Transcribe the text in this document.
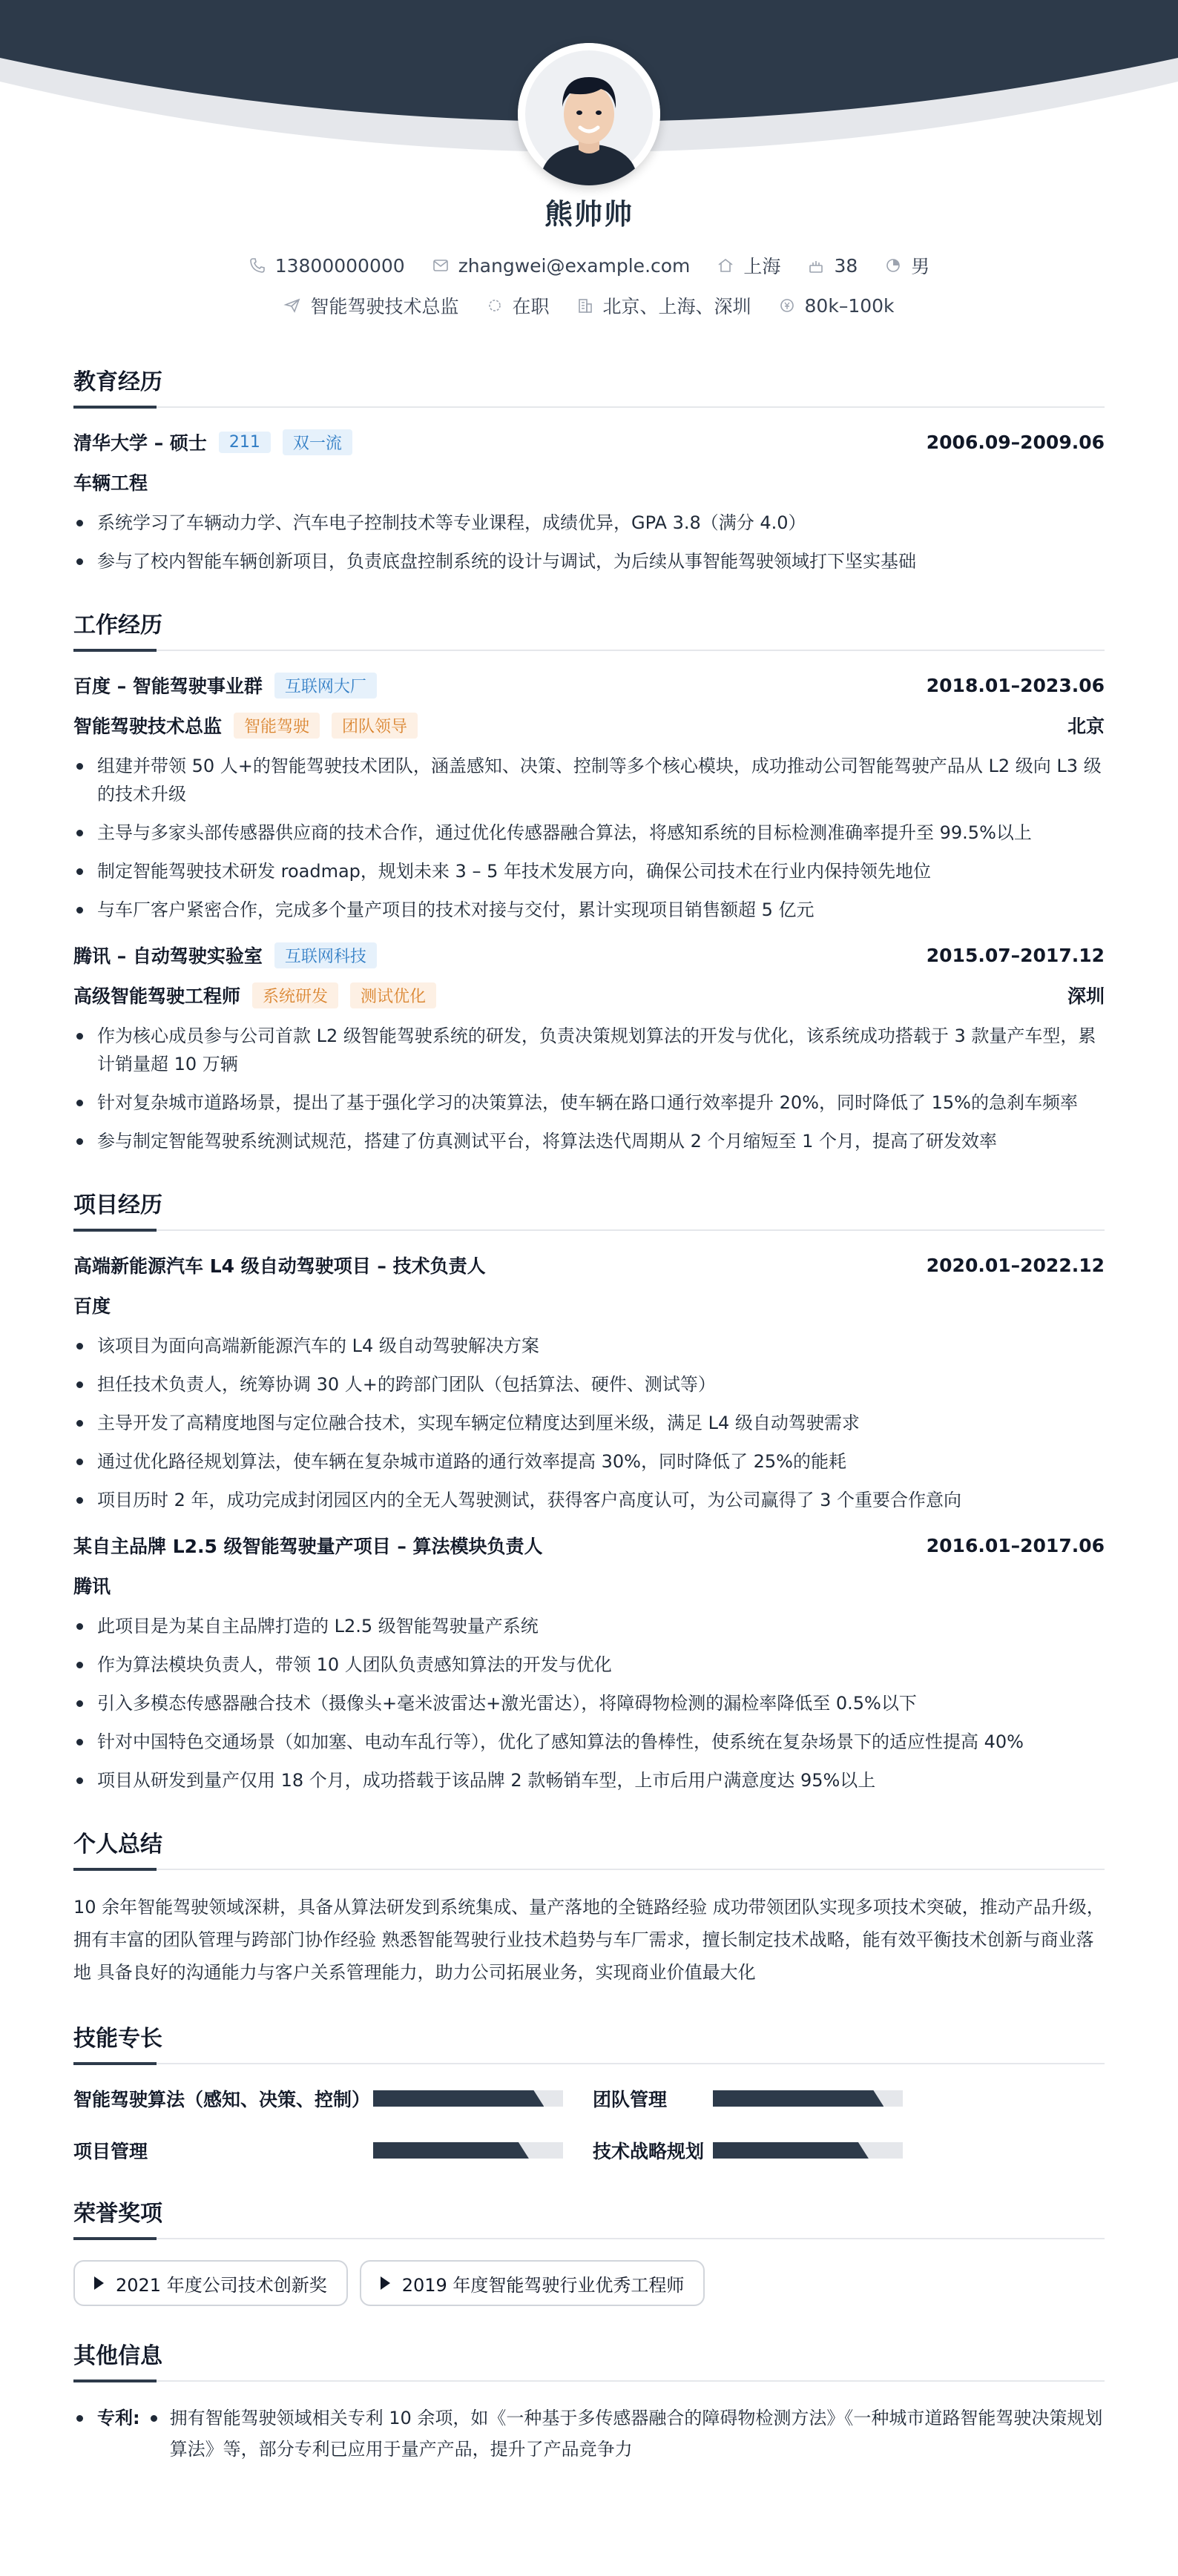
熊帅帅
13800000000	zhangwei@example.com	上海	38	男
智能驾驶技术总监	在职	北京、上海、深圳	80k–100k
教育经历
清华大学 – 硕士	211	双一流	2006.09–2009.06
车辆工程
系统学习了车辆动力学、汽车电子控制技术等专业课程，成绩优异，GPA 3.8（满分 4.0）
参与了校内智能车辆创新项目，负责底盘控制系统的设计与调试，为后续从事智能驾驶领域打下坚实基础
工作经历
百度 – 智能驾驶事业群	互联网大厂	2018.01–2023.06
智能驾驶技术总监	智能驾驶	团队领导	北京
组建并带领 50 人+的智能驾驶技术团队，涵盖感知、决策、控制等多个核心模块，成功推动公司智能驾驶产品从 L2 级向 L3 级的技术升级
主导与多家头部传感器供应商的技术合作，通过优化传感器融合算法，将感知系统的目标检测准确率提升至 99.5%以上
制定智能驾驶技术研发 roadmap，规划未来 3 – 5 年技术发展方向，确保公司技术在行业内保持领先地位
与车厂客户紧密合作，完成多个量产项目的技术对接与交付，累计实现项目销售额超 5 亿元
腾讯 – 自动驾驶实验室	互联网科技	2015.07–2017.12
高级智能驾驶工程师	系统研发	测试优化	深圳
作为核心成员参与公司首款 L2 级智能驾驶系统的研发，负责决策规划算法的开发与优化，该系统成功搭载于 3 款量产车型，累计销量超 10 万辆
针对复杂城市道路场景，提出了基于强化学习的决策算法，使车辆在路口通行效率提升 20%，同时降低了 15%的急刹车频率
参与制定智能驾驶系统测试规范，搭建了仿真测试平台，将算法迭代周期从 2 个月缩短至 1 个月，提高了研发效率
项目经历
高端新能源汽车 L4 级自动驾驶项目 – 技术负责人	2020.01–2022.12
百度
该项目为面向高端新能源汽车的 L4 级自动驾驶解决方案
担任技术负责人，统筹协调 30 人+的跨部门团队（包括算法、硬件、测试等）
主导开发了高精度地图与定位融合技术，实现车辆定位精度达到厘米级，满足 L4 级自动驾驶需求
通过优化路径规划算法，使车辆在复杂城市道路的通行效率提高 30%，同时降低了 25%的能耗
项目历时 2 年，成功完成封闭园区内的全无人驾驶测试，获得客户高度认可，为公司赢得了 3 个重要合作意向
某自主品牌 L2.5 级智能驾驶量产项目 – 算法模块负责人	2016.01–2017.06
腾讯
此项目是为某自主品牌打造的 L2.5 级智能驾驶量产系统
作为算法模块负责人，带领 10 人团队负责感知算法的开发与优化
引入多模态传感器融合技术（摄像头+毫米波雷达+激光雷达），将障碍物检测的漏检率降低至 0.5%以下
针对中国特色交通场景（如加塞、电动车乱行等），优化了感知算法的鲁棒性，使系统在复杂场景下的适应性提高 40%
项目从研发到量产仅用 18 个月，成功搭载于该品牌 2 款畅销车型，上市后用户满意度达 95%以上
个人总结
10 余年智能驾驶领域深耕，具备从算法研发到系统集成、量产落地的全链路经验 成功带领团队实现多项技术突破，推动产品升级，拥有丰富的团队管理与跨部门协作经验 熟悉智能驾驶行业技术趋势与车厂需求，擅长制定技术战略，能有效平衡技术创新与商业落地 具备良好的沟通能力与客户关系管理能力，助力公司拓展业务，实现商业价值最大化
技能专长
智能驾驶算法（感知、决策、控制）	团队管理
项目管理	技术战略规划
荣誉奖项
2021 年度公司技术创新奖	2019 年度智能驾驶行业优秀工程师
其他信息
专利:	拥有智能驾驶领域相关专利 10 余项，如《一种基于多传感器融合的障碍物检测方法》《一种城市道路智能驾驶决策规划算法》等，部分专利已应用于量产产品，提升了产品竞争力
